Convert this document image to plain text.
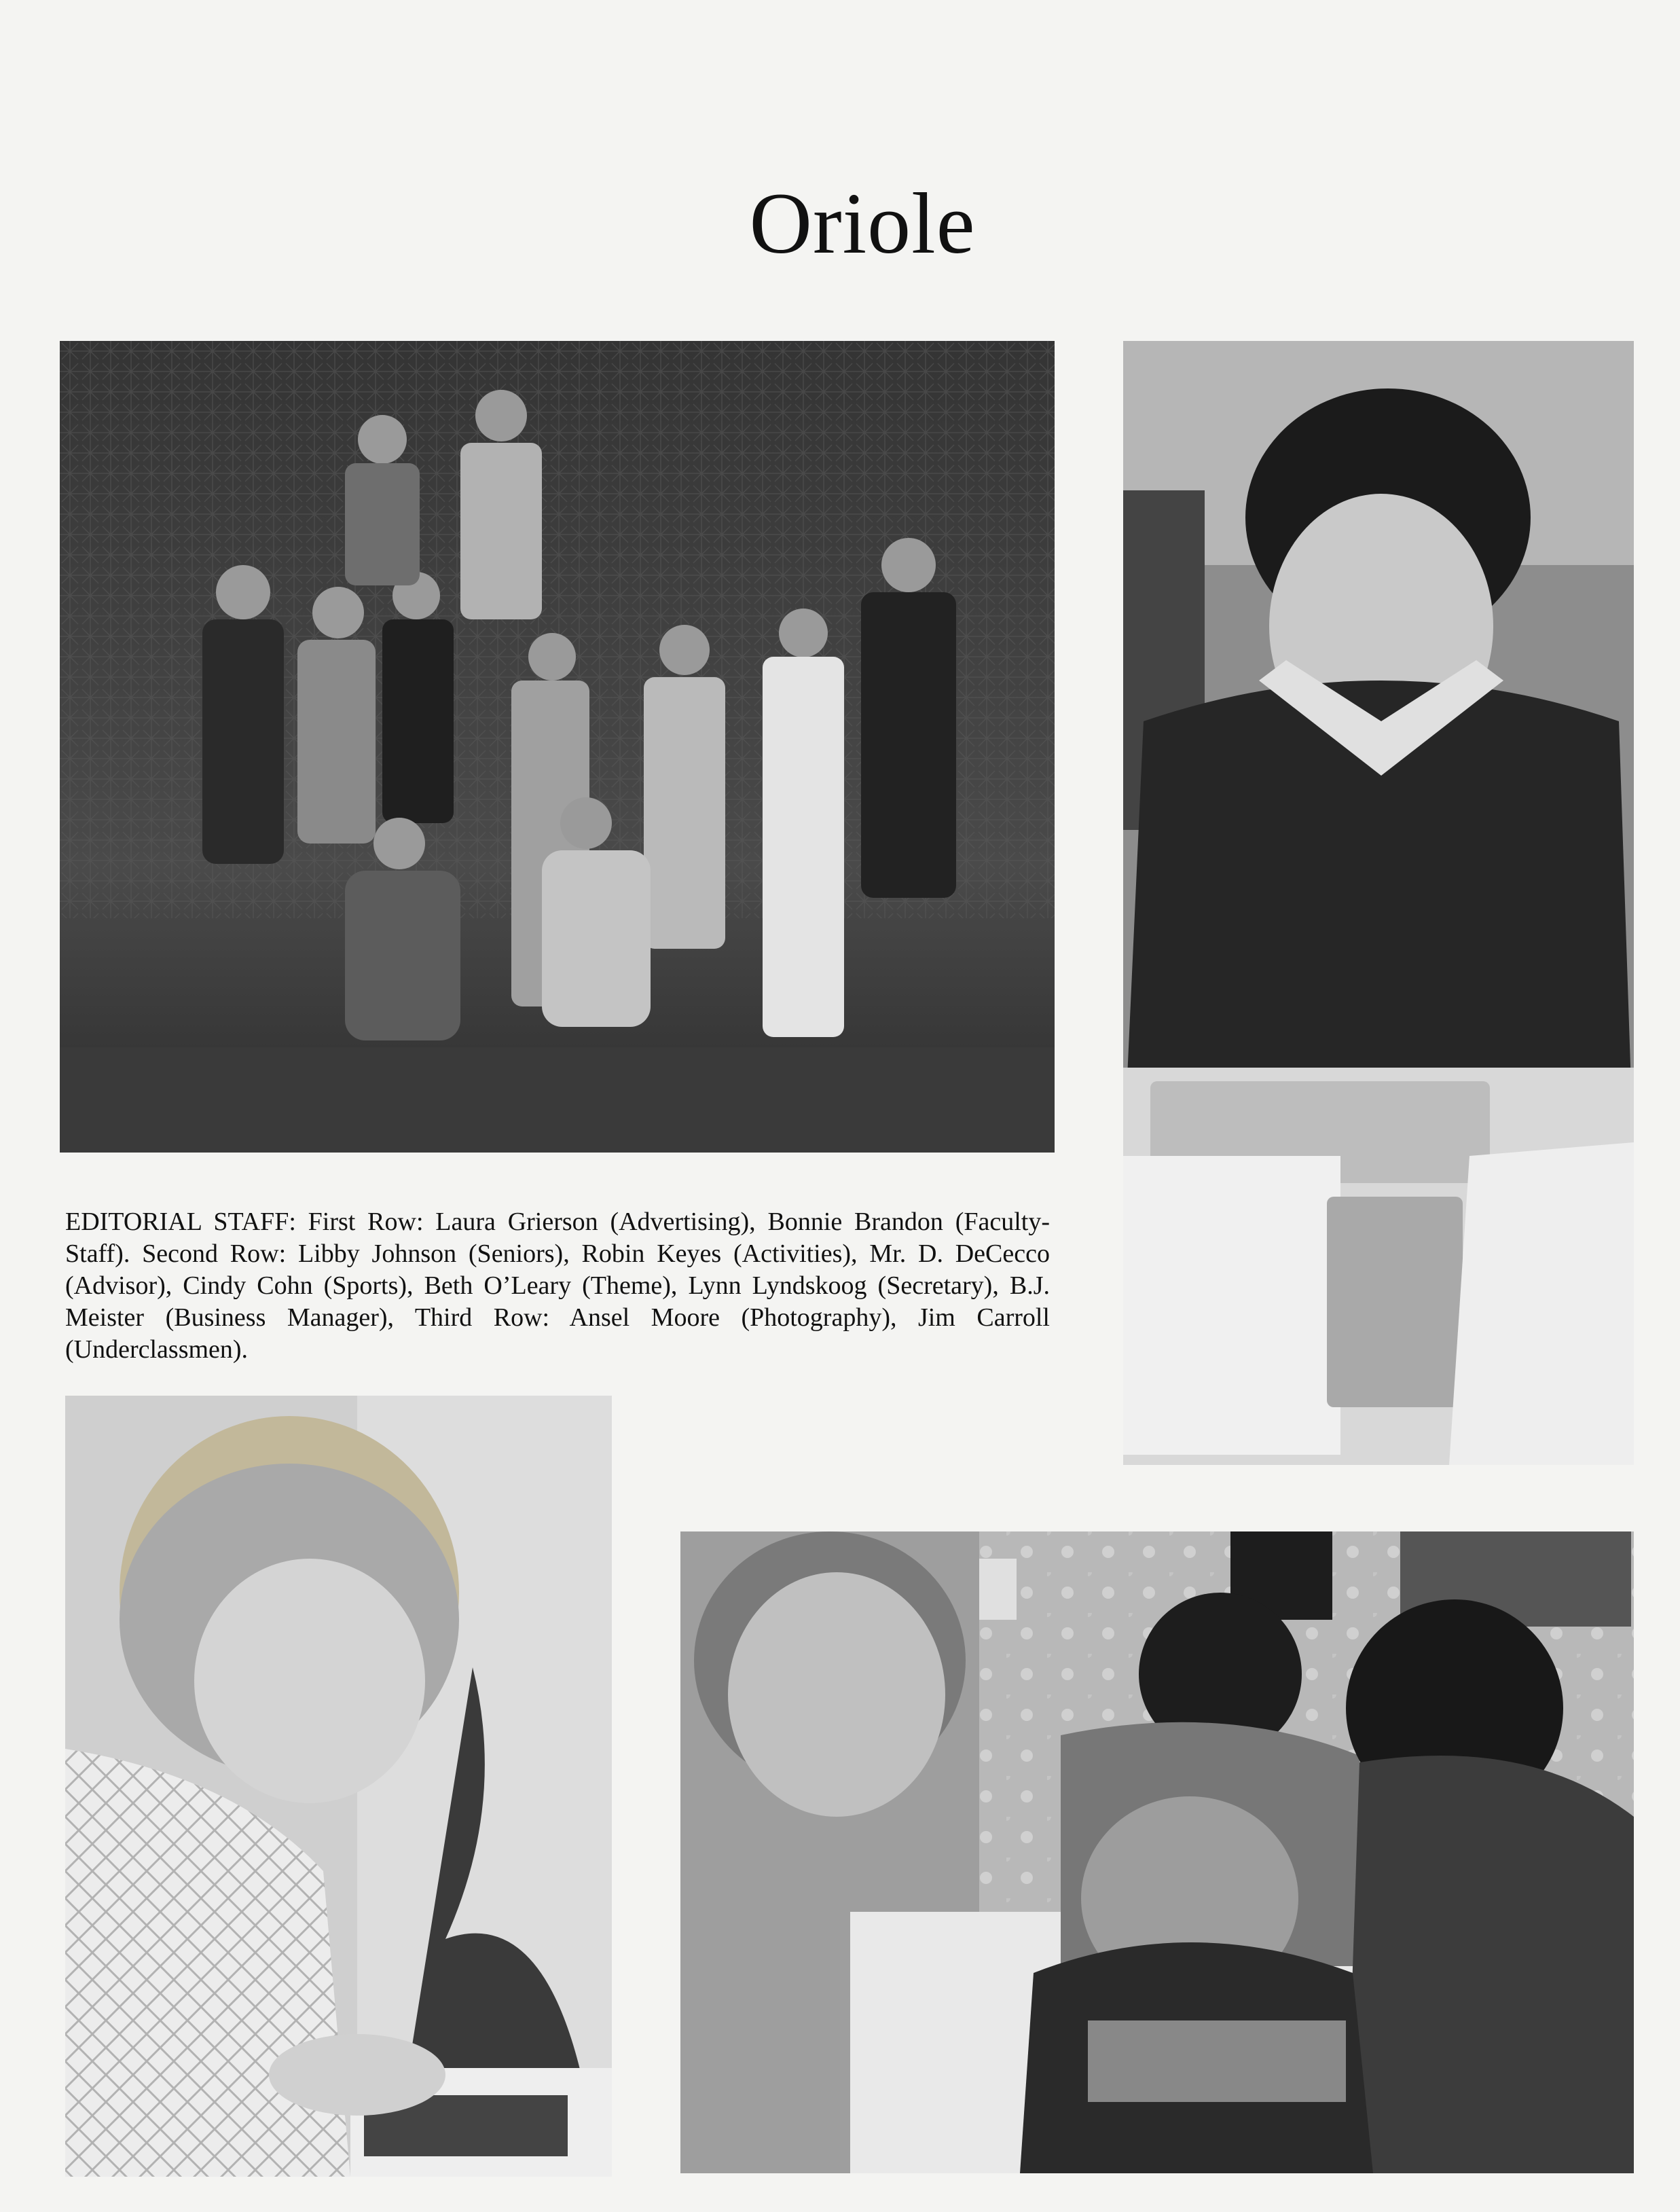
Oriole

EDITORIAL STAFF: First Row: Laura Grierson (Advertising), Bonnie Brandon (Faculty-Staff). Second Row: Libby Johnson (Seniors), Robin Keyes (Activities), Mr. D. DeCecco (Advisor), Cindy Cohn (Sports), Beth O’Leary (Theme), Lynn Lyndskoog (Secretary), B.J. Meister (Business Manager), Third Row: Ansel Moore (Photography), Jim Carroll (Underclassmen).
